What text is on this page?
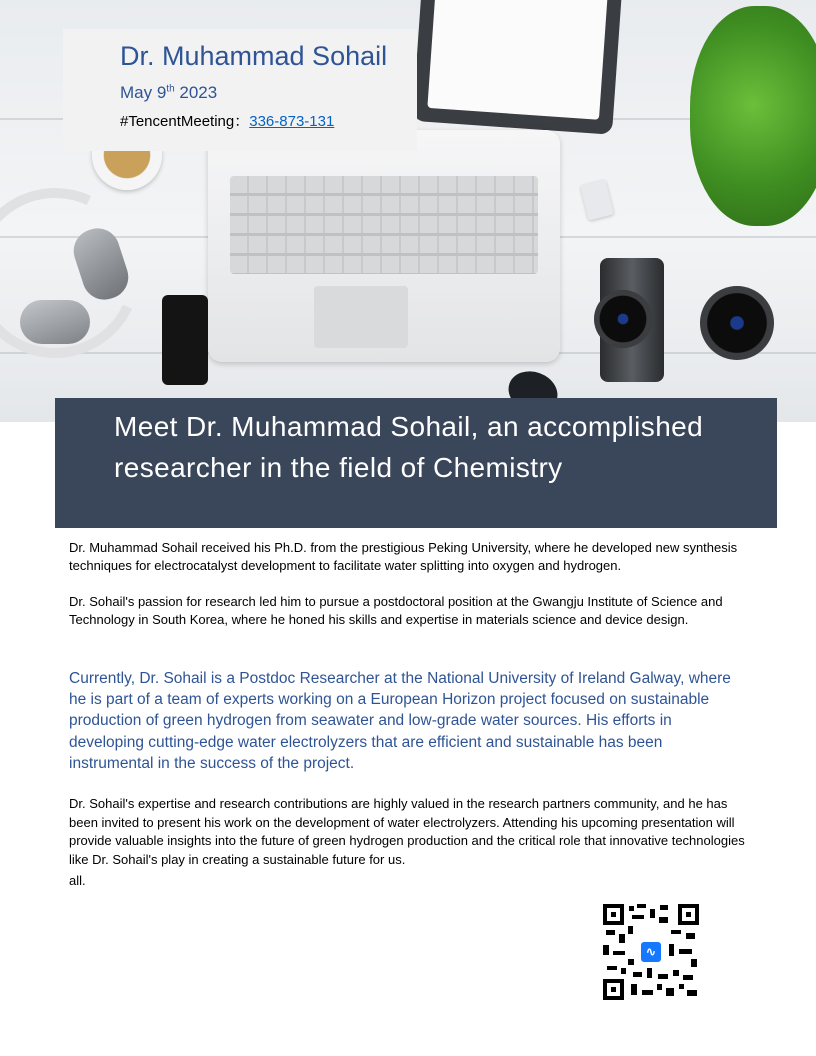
Dr. Muhammad Sohail
May 9th 2023
#TencentMeeting：336-873-131
Meet Dr. Muhammad Sohail, an accomplished researcher in the field of Chemistry
Dr. Muhammad Sohail received his Ph.D. from the prestigious Peking University, where he developed new synthesis techniques for electrocatalyst development to facilitate water splitting into oxygen and hydrogen.
Dr. Sohail's passion for research led him to pursue a postdoctoral position at the Gwangju Institute of Science and Technology in South Korea, where he honed his skills and expertise in materials science and device design.
Currently, Dr. Sohail is a Postdoc Researcher at the National University of Ireland Galway, where he is part of a team of experts working on a European Horizon project focused on sustainable production of green hydrogen from seawater and low-grade water sources. His efforts in developing cutting-edge water electrolyzers that are efficient and sustainable has been instrumental in the success of the project.
Dr. Sohail's expertise and research contributions are highly valued in the research partners community, and he has been invited to present his work on the development of water electrolyzers. Attending his upcoming presentation will provide valuable insights into the future of green hydrogen production and the critical role that innovative technologies like Dr. Sohail's play in creating a sustainable future for us.
all.
∿
